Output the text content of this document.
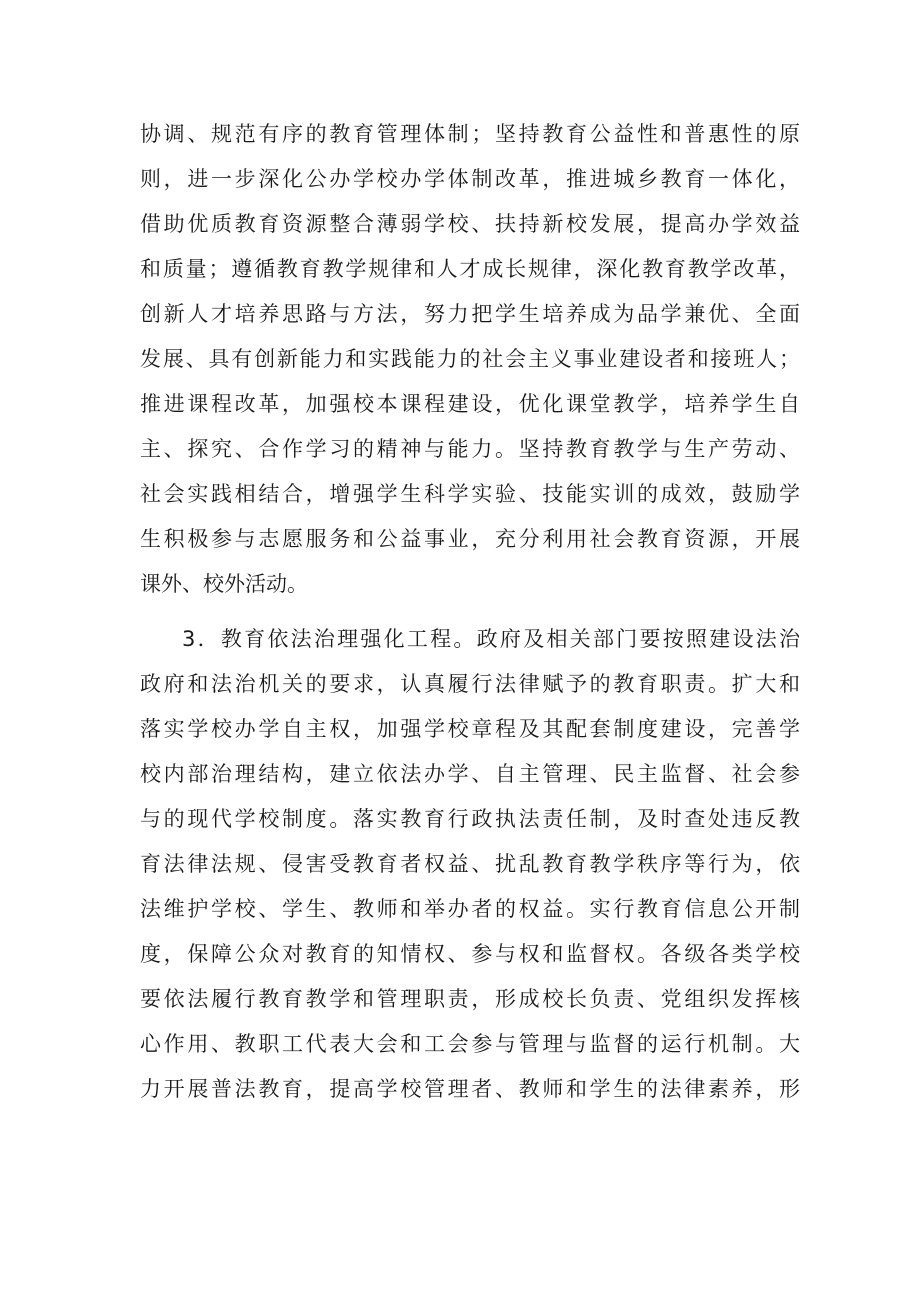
协调、规范有序的教育管理体制；坚持教育公益性和普惠性的原
则，进一步深化公办学校办学体制改革，推进城乡教育一体化，
借助优质教育资源整合薄弱学校、扶持新校发展，提高办学效益
和质量；遵循教育教学规律和人才成长规律，深化教育教学改革，
创新人才培养思路与方法，努力把学生培养成为品学兼优、全面
发展、具有创新能力和实践能力的社会主义事业建设者和接班人；
推进课程改革，加强校本课程建设，优化课堂教学，培养学生自
主、探究、合作学习的精神与能力。坚持教育教学与生产劳动、
社会实践相结合，增强学生科学实验、技能实训的成效，鼓励学
生积极参与志愿服务和公益事业，充分利用社会教育资源，开展
课外、校外活动。
3．教育依法治理强化工程。政府及相关部门要按照建设法治
政府和法治机关的要求，认真履行法律赋予的教育职责。扩大和
落实学校办学自主权，加强学校章程及其配套制度建设，完善学
校内部治理结构，建立依法办学、自主管理、民主监督、社会参
与的现代学校制度。落实教育行政执法责任制，及时查处违反教
育法律法规、侵害受教育者权益、扰乱教育教学秩序等行为，依
法维护学校、学生、教师和举办者的权益。实行教育信息公开制
度，保障公众对教育的知情权、参与权和监督权。各级各类学校
要依法履行教育教学和管理职责，形成校长负责、党组织发挥核
心作用、教职工代表大会和工会参与管理与监督的运行机制。大
力开展普法教育，提高学校管理者、教师和学生的法律素养，形
